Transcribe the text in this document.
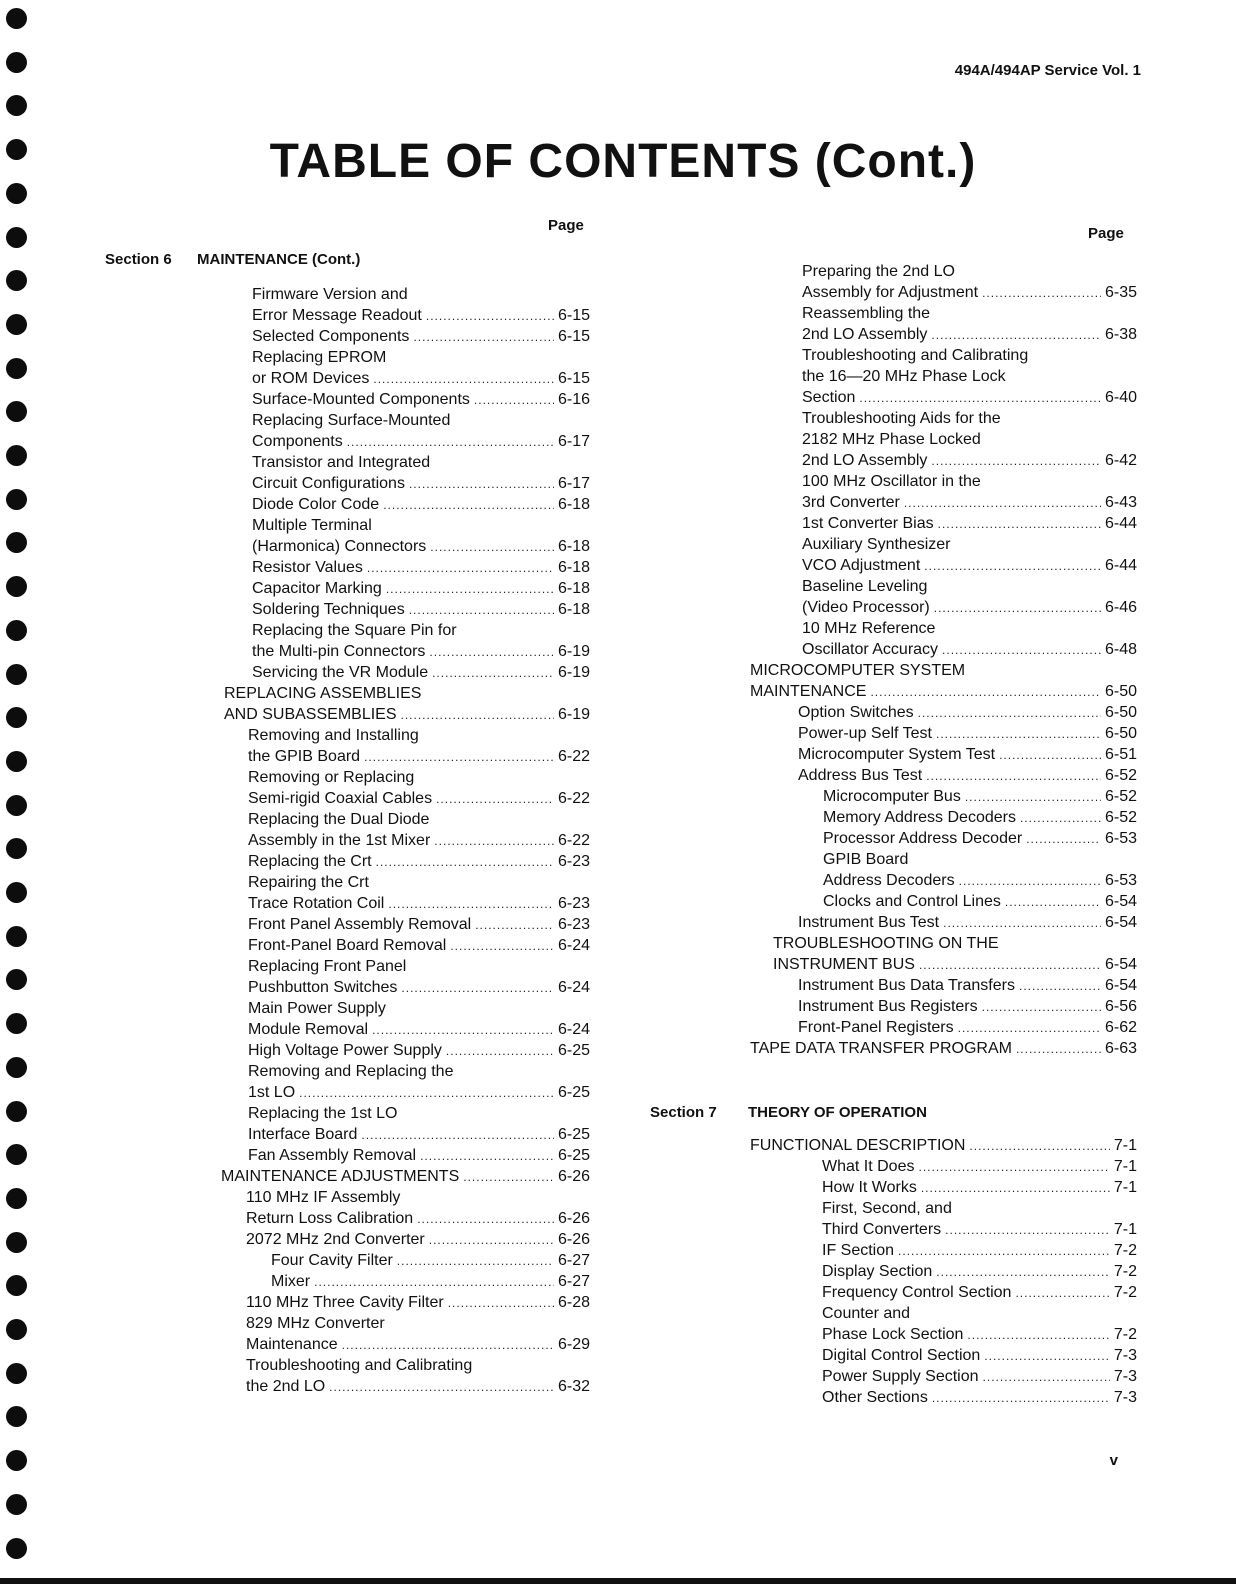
494A/494AP Service Vol. 1
TABLE OF CONTENTS (Cont.)
Page	Page
Section 6 MAINTENANCE (Cont.)
Section 7 THEORY OF OPERATION
Firmware Version and
Error Message Readout .....	6-15
Selected Components .....	6-15
Replacing EPROM
or ROM Devices .....	6-15
Surface-Mounted Components .....	6-16
Replacing Surface-Mounted
Components .....	6-17
Transistor and Integrated
Circuit Configurations .....	6-17
Diode Color Code .....	6-18
Multiple Terminal
(Harmonica) Connectors .....	6-18
Resistor Values .....	6-18
Capacitor Marking .....	6-18
Soldering Techniques .....	6-18
Replacing the Square Pin for
the Multi-pin Connectors .....	6-19
Servicing the VR Module .....	6-19
REPLACING ASSEMBLIES
AND SUBASSEMBLIES .....	6-19
Removing and Installing
the GPIB Board .....	6-22
Removing or Replacing
Semi-rigid Coaxial Cables .....	6-22
Replacing the Dual Diode
Assembly in the 1st Mixer .....	6-22
Replacing the Crt .....	6-23
Repairing the Crt
Trace Rotation Coil .....	6-23
Front Panel Assembly Removal .....	6-23
Front-Panel Board Removal .....	6-24
Replacing Front Panel
Pushbutton Switches .....	6-24
Main Power Supply
Module Removal .....	6-24
High Voltage Power Supply .....	6-25
Removing and Replacing the
1st LO .....	6-25
Replacing the 1st LO
Interface Board .....	6-25
Fan Assembly Removal .....	6-25
MAINTENANCE ADJUSTMENTS .....	6-26
110 MHz IF Assembly
Return Loss Calibration .....	6-26
2072 MHz 2nd Converter .....	6-26
Four Cavity Filter .....	6-27
Mixer .....	6-27
110 MHz Three Cavity Filter .....	6-28
829 MHz Converter
Maintenance .....	6-29
Troubleshooting and Calibrating
the 2nd LO .....	6-32
Preparing the 2nd LO
Assembly for Adjustment .....	6-35
Reassembling the
2nd LO Assembly .....	6-38
Troubleshooting and Calibrating
the 16—20 MHz Phase Lock
Section .....	6-40
Troubleshooting Aids for the
2182 MHz Phase Locked
2nd LO Assembly .....	6-42
100 MHz Oscillator in the
3rd Converter .....	6-43
1st Converter Bias .....	6-44
Auxiliary Synthesizer
VCO Adjustment .....	6-44
Baseline Leveling
(Video Processor) .....	6-46
10 MHz Reference
Oscillator Accuracy .....	6-48
MICROCOMPUTER SYSTEM
MAINTENANCE .....	6-50
Option Switches .....	6-50
Power-up Self Test .....	6-50
Microcomputer System Test .....	6-51
Address Bus Test .....	6-52
Microcomputer Bus .....	6-52
Memory Address Decoders .....	6-52
Processor Address Decoder .....	6-53
GPIB Board
Address Decoders .....	6-53
Clocks and Control Lines .....	6-54
Instrument Bus Test .....	6-54
TROUBLESHOOTING ON THE
INSTRUMENT BUS .....	6-54
Instrument Bus Data Transfers .....	6-54
Instrument Bus Registers .....	6-56
Front-Panel Registers .....	6-62
TAPE DATA TRANSFER PROGRAM .....	6-63
FUNCTIONAL DESCRIPTION .....	7-1
What It Does .....	7-1
How It Works .....	7-1
First, Second, and
Third Converters .....	7-1
IF Section .....	7-2
Display Section .....	7-2
Frequency Control Section .....	7-2
Counter and
Phase Lock Section .....	7-2
Digital Control Section .....	7-3
Power Supply Section .....	7-3
Other Sections .....	7-3
v
